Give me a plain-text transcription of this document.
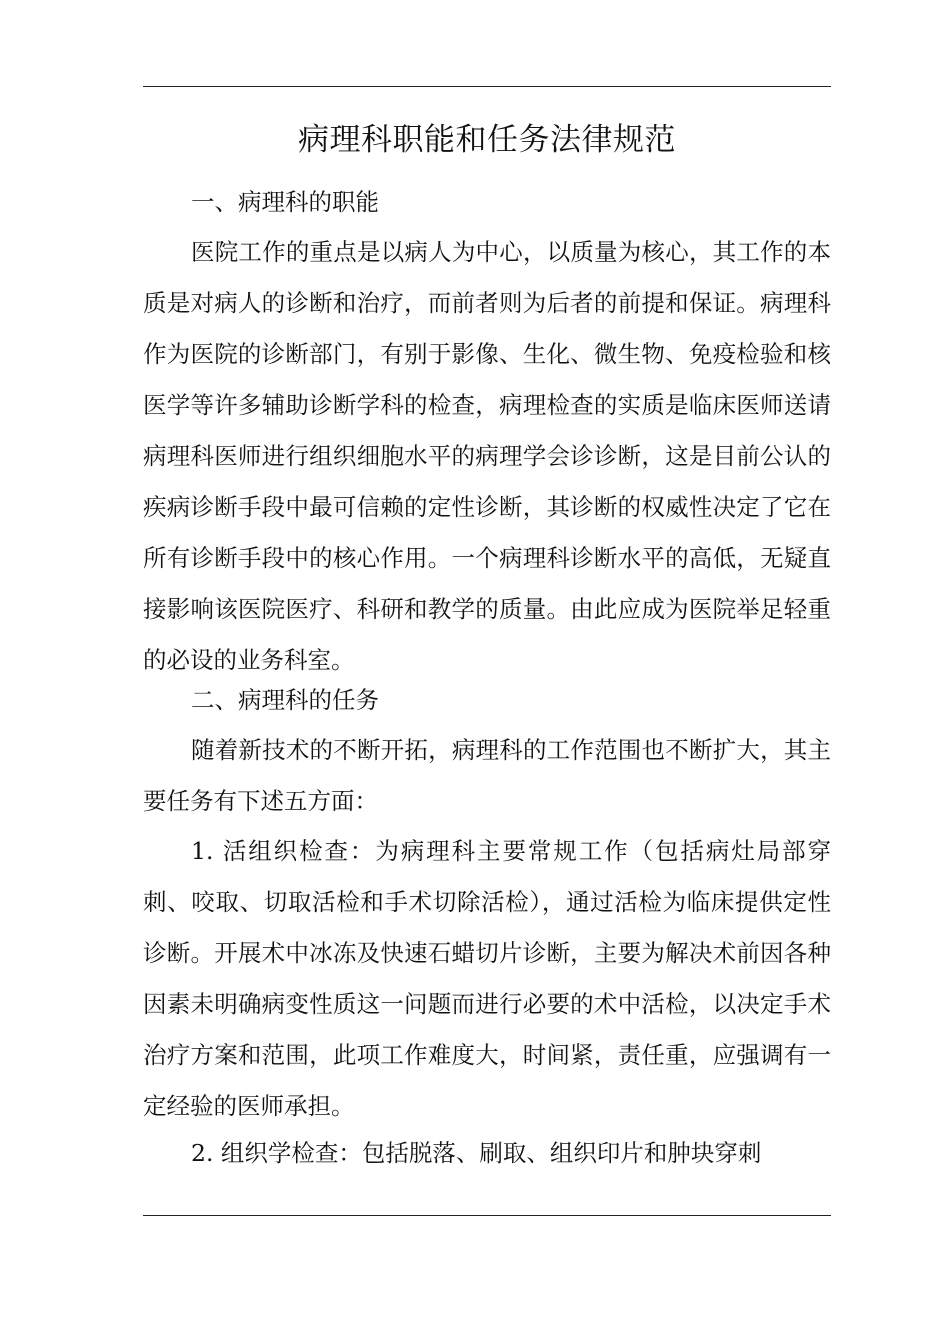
病理科职能和任务法律规范

一、病理科的职能

医院工作的重点是以病人为中心，以质量为核心，其工作的本质是对病人的诊断和治疗，而前者则为后者的前提和保证。病理科作为医院的诊断部门，有别于影像、生化、微生物、免疫检验和核医学等许多辅助诊断学科的检查，病理检查的实质是临床医师送请病理科医师进行组织细胞水平的病理学会诊诊断，这是目前公认的疾病诊断手段中最可信赖的定性诊断，其诊断的权威性决定了它在所有诊断手段中的核心作用。一个病理科诊断水平的高低，无疑直接影响该医院医疗、科研和教学的质量。由此应成为医院举足轻重的必设的业务科室。

二、病理科的任务

随着新技术的不断开拓，病理科的工作范围也不断扩大，其主要任务有下述五方面：

1. 活组织检查：为病理科主要常规工作（包括病灶局部穿刺、咬取、切取活检和手术切除活检），通过活检为临床提供定性诊断。开展术中冰冻及快速石蜡切片诊断，主要为解决术前因各种因素未明确病变性质这一问题而进行必要的术中活检，以决定手术治疗方案和范围，此项工作难度大，时间紧，责任重，应强调有一定经验的医师承担。

2. 组织学检查：包括脱落、刷取、组织印片和肿块穿刺
